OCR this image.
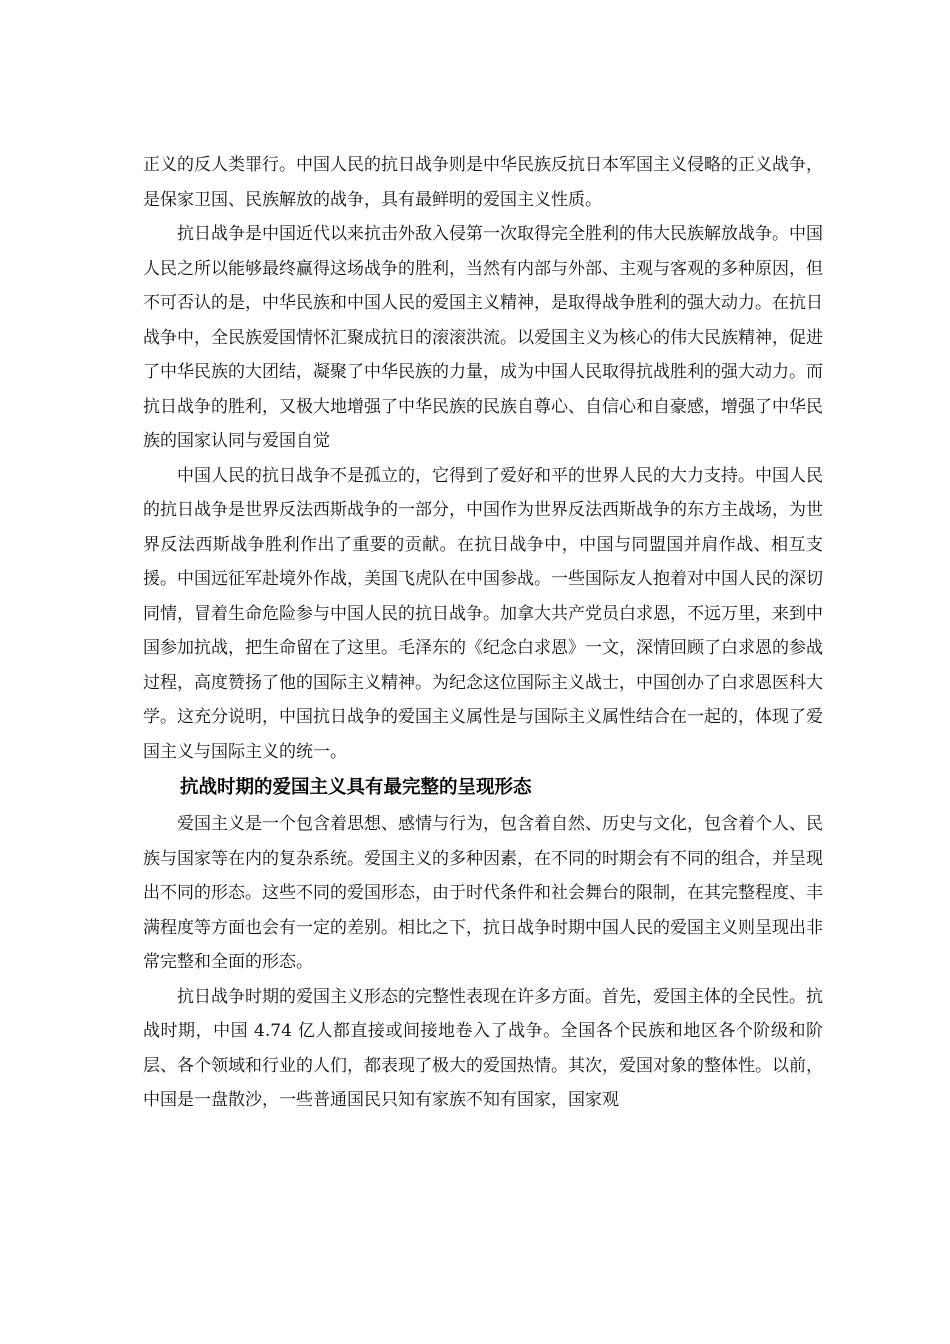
正义的反人类罪行。中国人民的抗日战争则是中华民族反抗日本军国主义侵略的正义战争，是保家卫国、民族解放的战争，具有最鲜明的爱国主义性质。

抗日战争是中国近代以来抗击外敌入侵第一次取得完全胜利的伟大民族解放战争。中国人民之所以能够最终赢得这场战争的胜利，当然有内部与外部、主观与客观的多种原因，但不可否认的是，中华民族和中国人民的爱国主义精神，是取得战争胜利的强大动力。在抗日战争中，全民族爱国情怀汇聚成抗日的滚滚洪流。以爱国主义为核心的伟大民族精神，促进了中华民族的大团结，凝聚了中华民族的力量，成为中国人民取得抗战胜利的强大动力。而抗日战争的胜利，又极大地增强了中华民族的民族自尊心、自信心和自豪感，增强了中华民族的国家认同与爱国自觉

中国人民的抗日战争不是孤立的，它得到了爱好和平的世界人民的大力支持。中国人民的抗日战争是世界反法西斯战争的一部分，中国作为世界反法西斯战争的东方主战场，为世界反法西斯战争胜利作出了重要的贡献。在抗日战争中，中国与同盟国并肩作战、相互支援。中国远征军赴境外作战，美国飞虎队在中国参战。一些国际友人抱着对中国人民的深切同情，冒着生命危险参与中国人民的抗日战争。加拿大共产党员白求恩，不远万里，来到中国参加抗战，把生命留在了这里。毛泽东的《纪念白求恩》一文，深情回顾了白求恩的参战过程，高度赞扬了他的国际主义精神。为纪念这位国际主义战士，中国创办了白求恩医科大学。这充分说明，中国抗日战争的爱国主义属性是与国际主义属性结合在一起的，体现了爱国主义与国际主义的统一。

抗战时期的爱国主义具有最完整的呈现形态

爱国主义是一个包含着思想、感情与行为，包含着自然、历史与文化，包含着个人、民族与国家等在内的复杂系统。爱国主义的多种因素，在不同的时期会有不同的组合，并呈现出不同的形态。这些不同的爱国形态，由于时代条件和社会舞台的限制，在其完整程度、丰满程度等方面也会有一定的差别。相比之下，抗日战争时期中国人民的爱国主义则呈现出非常完整和全面的形态。

抗日战争时期的爱国主义形态的完整性表现在许多方面。首先，爱国主体的全民性。抗战时期，中国 4.74 亿人都直接或间接地卷入了战争。全国各个民族和地区各个阶级和阶层、各个领域和行业的人们，都表现了极大的爱国热情。其次，爱国对象的整体性。以前，中国是一盘散沙，一些普通国民只知有家族不知有国家，国家观
